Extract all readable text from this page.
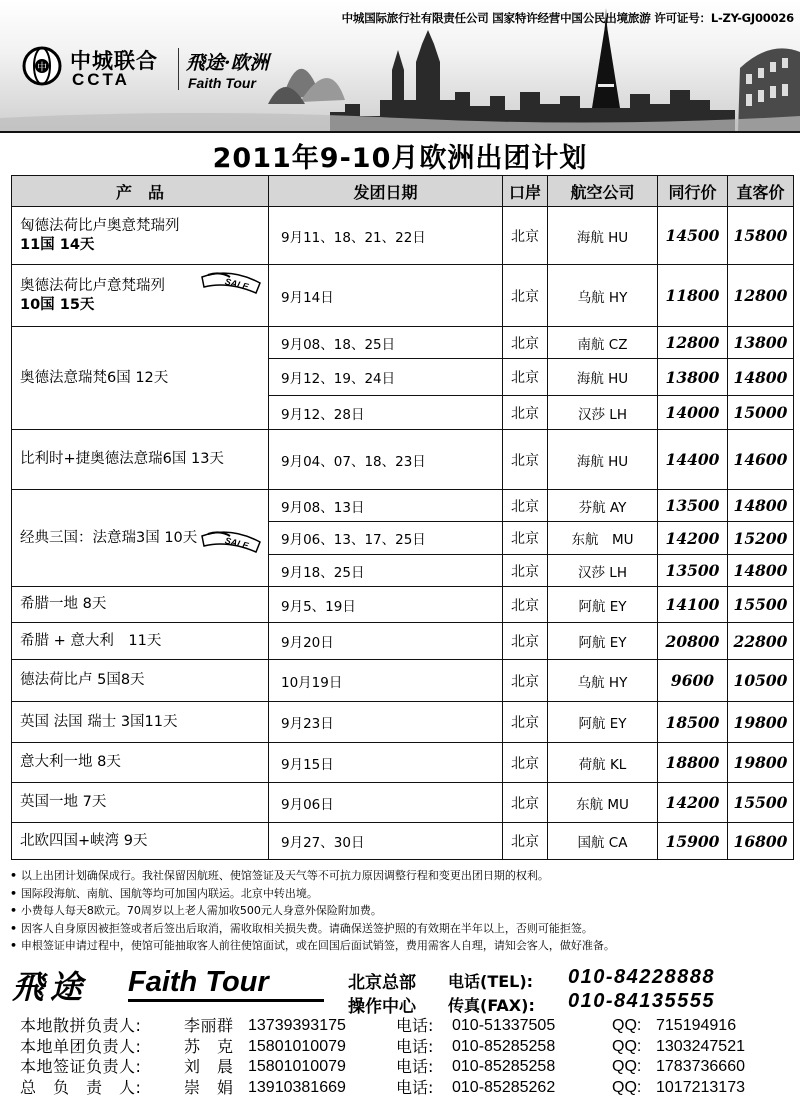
中城国际旅行社有限责任公司 国家特许经营中国公民出境旅游 许可证号：L-ZY-GJ00026
中 中城联合
CCTA
飛途·欧洲
Faith Tour
2011年9-10月欧洲出团计划
产　品	发团日期	口岸	航空公司	同行价	直客价

匈德法荷比卢奥意梵瑞列
11国 14天	9月11、18、21、22日	北京	海航 HU	14500	15800

奥德法荷比卢意梵瑞列
10国 15天
SALE	9月14日	北京	乌航 HY	11800	12800

奥德法意瑞梵6国 12天	9月08、18、25日	北京	南航 CZ	12800	13800
	9月12、19、24日	北京	海航 HU	13800	14800
	9月12、28日	北京	汉莎 LH	14000	15000

比利时+捷奥德法意瑞6国 13天	9月04、07、18、23日	北京	海航 HU	14400	14600

经典三国：法意瑞3国 10天 SALE	9月08、13日	北京	芬航 AY	13500	14800
	9月06、13、17、25日	北京	东航　MU	14200	15200
	9月18、25日	北京	汉莎 LH	13500	14800

希腊一地 8天	9月5、19日	北京	阿航 EY	14100	15500

希腊 + 意大利　11天	9月20日	北京	阿航 EY	20800	22800

德法荷比卢 5国8天	10月19日	北京	乌航 HY	9600	10500

英国 法国 瑞士 3国11天	9月23日	北京	阿航 EY	18500	19800

意大利一地 8天	9月15日	北京	荷航 KL	18800	19800

英国一地 7天	9月06日	北京	东航 MU	14200	15500

北欧四国+峡湾 9天	9月27、30日	北京	国航 CA	15900	16800
• 以上出团计划确保成行。我社保留因航班、使馆签证及天气等不可抗力原因调整行程和变更出团日期的权利。
• 国际段海航、南航、国航等均可加国内联运。北京中转出境。
• 小费每人每天8欧元。70周岁以上老人需加收500元人身意外保险附加费。
• 因客人自身原因被拒签或者后签出后取消，需收取相关损失费。请确保送签护照的有效期在半年以上，否则可能拒签。
• 申根签证申请过程中，使馆可能抽取客人前往使馆面试，或在回国后面试销签，费用需客人自理，请知会客人，做好准备。
飛途 Faith Tour	北京总部 电话(TEL): 010-84228888
操作中心 传真(FAX): 010-84135555
本地散拼负责人:	李丽群 13739393175	电话: 010-51337505	QQ: 715194916
本地单团负责人:	苏　克 15801010079	电话: 010-85285258	QQ: 1303247521
本地签证负责人:	刘　晨 15801010079	电话: 010-85285258	QQ: 1783736660
总　负　责　人:	崇　娟 13910381669	电话: 010-85285262	QQ: 1017213173
